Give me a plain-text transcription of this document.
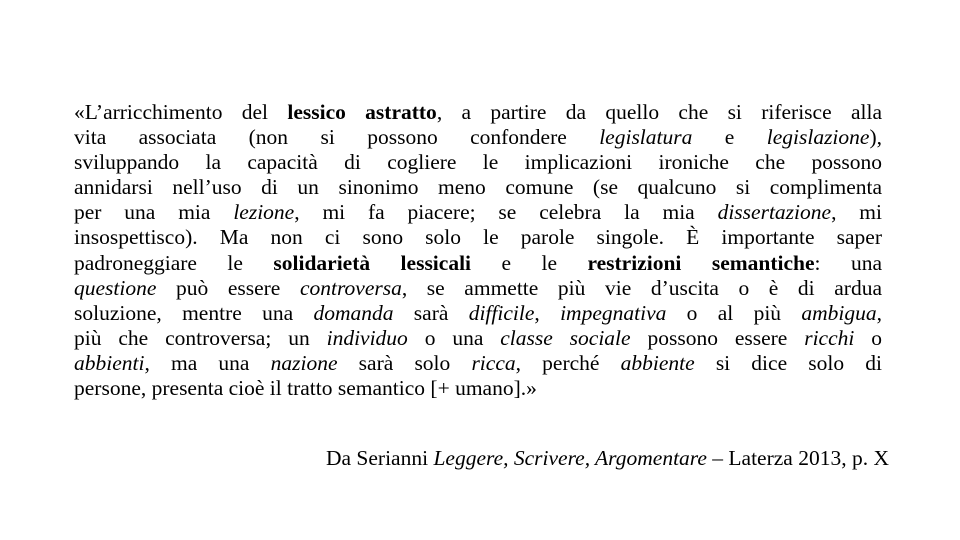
«L’arricchimento del lessico astratto, a partire da quello che si riferisce alla
vita associata (non si possono confondere legislatura e legislazione),
sviluppando la capacità di cogliere le implicazioni ironiche che possono
annidarsi nell’uso di un sinonimo meno comune (se qualcuno si complimenta
per una mia lezione, mi fa piacere; se celebra la mia dissertazione, mi
insospettisco). Ma non ci sono solo le parole singole. È importante saper
padroneggiare le solidarietà lessicali e le restrizioni semantiche: una
questione può essere controversa, se ammette più vie d’uscita o è di ardua
soluzione, mentre una domanda sarà difficile, impegnativa o al più ambigua,
più che controversa; un individuo o una classe sociale possono essere ricchi o
abbienti, ma una nazione sarà solo ricca, perché abbiente si dice solo di
persone, presenta cioè il tratto semantico [+ umano].»
Da Serianni Leggere, Scrivere, Argomentare – Laterza 2013, p. X
